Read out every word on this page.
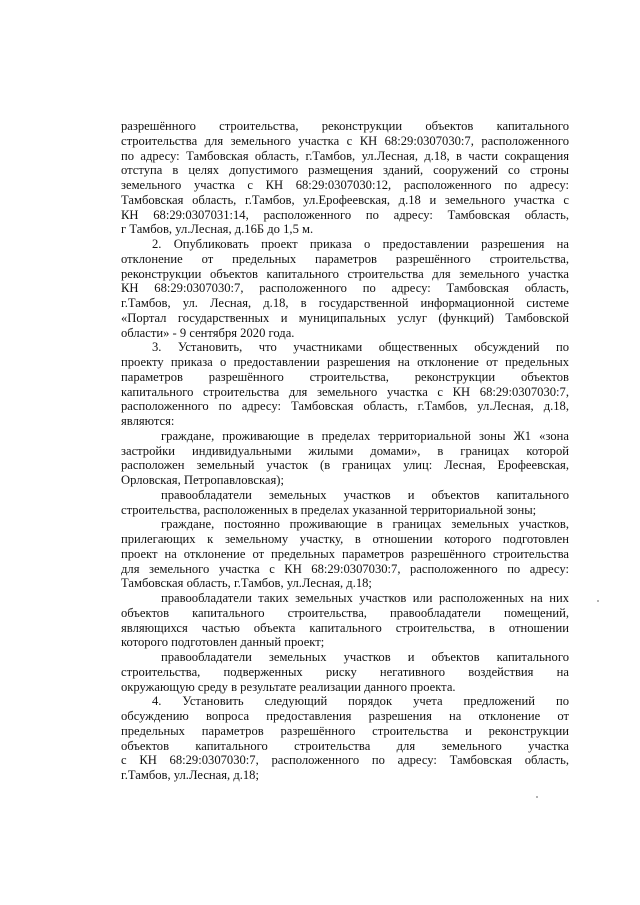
разрешённого строительства, реконструкции объектов капитального
строительства для земельного участка с КН 68:29:0307030:7, расположенного
по адресу: Тамбовская область, г.Тамбов, ул.Лесная, д.18, в части сокращения
отступа в целях допустимого размещения зданий, сооружений со строны
земельного участка с КН 68:29:0307030:12, расположенного по адресу:
Тамбовская область, г.Тамбов, ул.Ерофеевская, д.18 и земельного участка с
КН 68:29:0307031:14, расположенного по адресу: Тамбовская область,
г Тамбов, ул.Лесная, д.16Б до 1,5 м.
2. Опубликовать проект приказа о предоставлении разрешения на
отклонение от предельных параметров разрешённого строительства,
реконструкции объектов капитального строительства для земельного участка
КН 68:29:0307030:7, расположенного по адресу: Тамбовская область,
г.Тамбов, ул. Лесная, д.18, в государственной информационной системе
«Портал государственных и муниципальных услуг (функций) Тамбовской
области» - 9 сентября 2020 года.
3. Установить, что участниками общественных обсуждений по
проекту приказа о предоставлении разрешения на отклонение от предельных
параметров разрешённого строительства, реконструкции объектов
капитального строительства для земельного участка с КН 68:29:0307030:7,
расположенного по адресу: Тамбовская область, г.Тамбов, ул.Лесная, д.18,
являются:
граждане, проживающие в пределах территориальной зоны Ж1 «зона
застройки индивидуальными жилыми домами», в границах которой
расположен земельный участок (в границах улиц: Лесная, Ерофеевская,
Орловская, Петропавловская);
правообладатели земельных участков и объектов капитального
строительства, расположенных в пределах указанной территориальной зоны;
граждане, постоянно проживающие в границах земельных участков,
прилегающих к земельному участку, в отношении которого подготовлен
проект на отклонение от предельных параметров разрешённого строительства
для земельного участка с КН 68:29:0307030:7, расположенного по адресу:
Тамбовская область, г.Тамбов, ул.Лесная, д.18;
правообладатели таких земельных участков или расположенных на них
объектов капитального строительства, правообладатели помещений,
являющихся частью объекта капитального строительства, в отношении
которого подготовлен данный проект;
правообладатели земельных участков и объектов капитального
строительства, подверженных риску негативного воздействия на
окружающую среду в результате реализации данного проекта.
4. Установить следующий порядок учета предложений по
обсуждению вопроса предоставления разрешения на отклонение от
предельных параметров разрешённого строительства и реконструкции
объектов капитального строительства для земельного участка
с КН 68:29:0307030:7, расположенного по адресу: Тамбовская область,
г.Тамбов, ул.Лесная, д.18;
